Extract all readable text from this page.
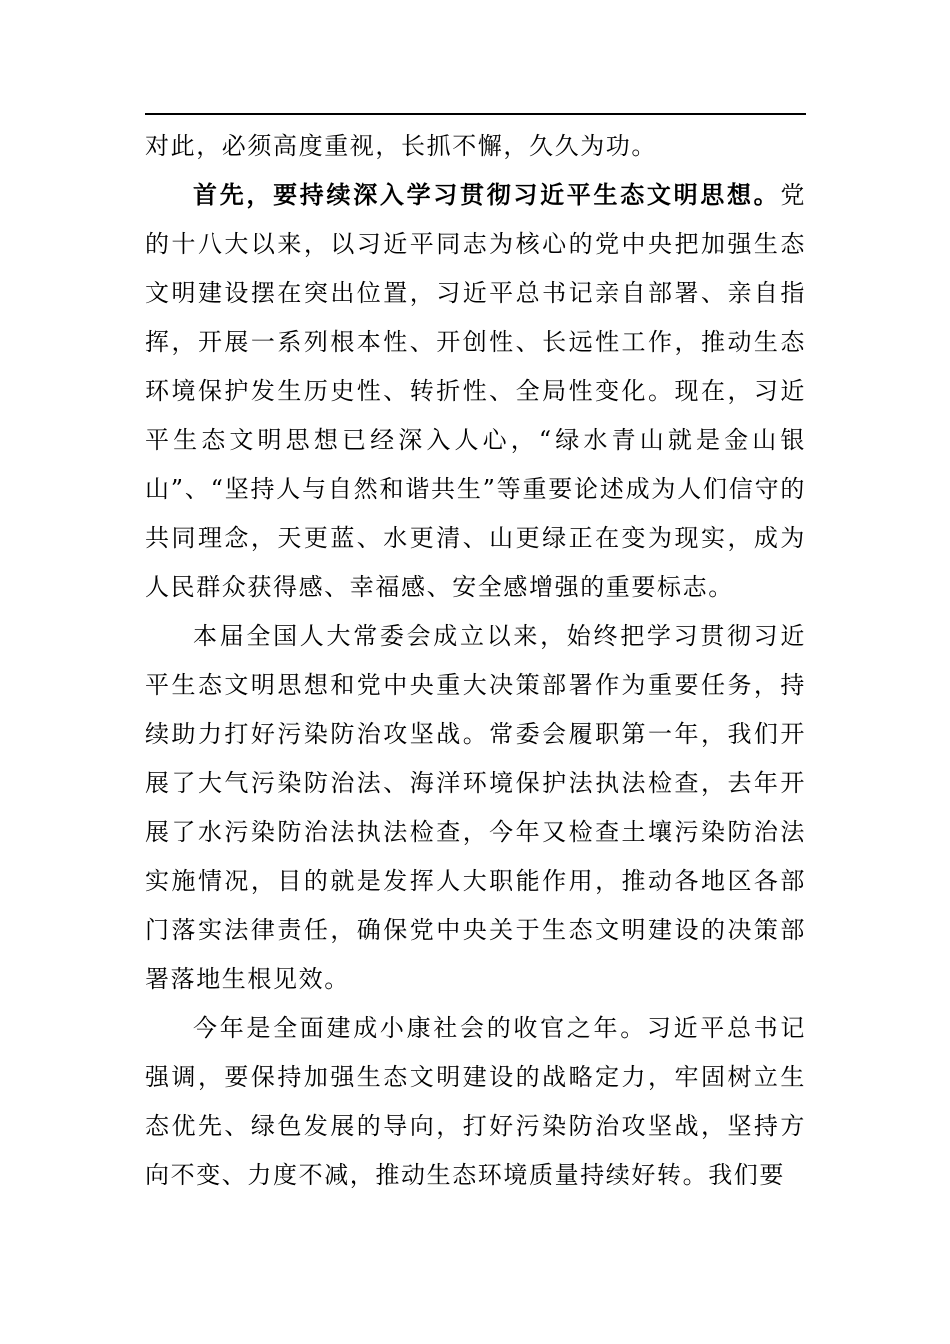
对此，必须高度重视，长抓不懈，久久为功。

首先，要持续深入学习贯彻习近平生态文明思想。党的十八大以来，以习近平同志为核心的党中央把加强生态文明建设摆在突出位置，习近平总书记亲自部署、亲自指挥，开展一系列根本性、开创性、长远性工作，推动生态环境保护发生历史性、转折性、全局性变化。现在，习近平生态文明思想已经深入人心，“绿水青山就是金山银山”、“坚持人与自然和谐共生”等重要论述成为人们信守的共同理念，天更蓝、水更清、山更绿正在变为现实，成为人民群众获得感、幸福感、安全感增强的重要标志。

本届全国人大常委会成立以来，始终把学习贯彻习近平生态文明思想和党中央重大决策部署作为重要任务，持续助力打好污染防治攻坚战。常委会履职第一年，我们开展了大气污染防治法、海洋环境保护法执法检查，去年开展了水污染防治法执法检查，今年又检查土壤污染防治法实施情况，目的就是发挥人大职能作用，推动各地区各部门落实法律责任，确保党中央关于生态文明建设的决策部署落地生根见效。

今年是全面建成小康社会的收官之年。习近平总书记强调，要保持加强生态文明建设的战略定力，牢固树立生态优先、绿色发展的导向，打好污染防治攻坚战，坚持方向不变、力度不减，推动生态环境质量持续好转。我们要
